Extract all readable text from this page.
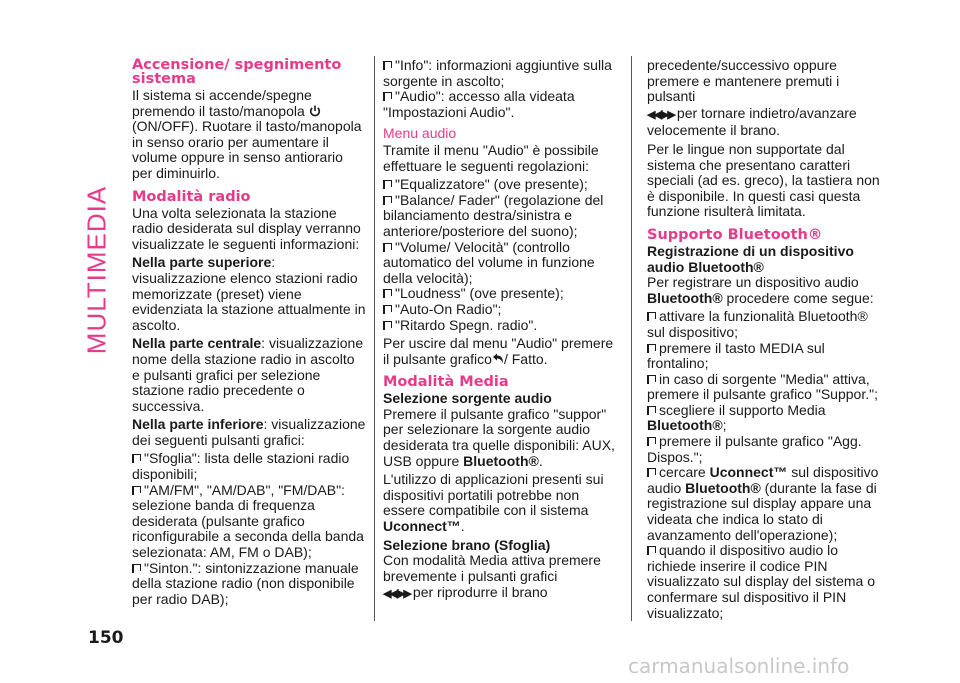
MULTIMEDIA
Accensione/ spegnimento sistema

Il sistema si accende/spegne premendo il tasto/manopola  (ON/OFF). Ruotare il tasto/manopola in senso orario per aumentare il volume oppure in senso antiorario per diminuirlo.

Modalità radio

Una volta selezionata la stazione radio desiderata sul display verranno visualizzate le seguenti informazioni:

Nella parte superiore: visualizzazione elenco stazioni radio memorizzate (preset) viene evidenziata la stazione attualmente in ascolto.

Nella parte centrale: visualizzazione nome della stazione radio in ascolto e pulsanti grafici per selezione stazione radio precedente o successiva.

Nella parte inferiore: visualizzazione dei seguenti pulsanti grafici:

"Sfoglia": lista delle stazioni radio disponibili;
"AM/FM", "AM/DAB", "FM/DAB": selezione banda di frequenza desiderata (pulsante grafico riconfigurabile a seconda della banda selezionata: AM, FM o DAB);
"Sinton.": sintonizzazione manuale della stazione radio (non disponibile per radio DAB);
"Info": informazioni aggiuntive sulla sorgente in ascolto;
"Audio": accesso alla videata "Impostazioni Audio".
Menu audio

Tramite il menu "Audio" è possibile effettuare le seguenti regolazioni:

"Equalizzatore" (ove presente);
"Balance/ Fader" (regolazione del bilanciamento destra/sinistra e anteriore/posteriore del suono);
"Volume/ Velocità" (controllo automatico del volume in funzione della velocità);
"Loudness" (ove presente);
"Auto-On Radio";
"Ritardo Spegn. radio".

Per uscire dal menu "Audio" premere il pulsante grafico / Fatto.

Modalità Media
Selezione sorgente audio

Premere il pulsante grafico "suppor" per selezionare la sorgente audio desiderata tra quelle disponibili: AUX, USB oppure Bluetooth®.

L'utilizzo di applicazioni presenti sui dispositivi portatili potrebbe non essere compatibile con il sistema Uconnect™.

Selezione brano (Sfoglia)

Con modalità Media attiva premere brevemente i pulsanti grafici

◀◀/▶▶ per riprodurre il brano

precedente/successivo oppure premere e mantenere premuti i pulsanti

◀◀/▶▶ per tornare indietro/avanzare velocemente il brano.

Per le lingue non supportate dal sistema che presentano caratteri speciali (ad es. greco), la tastiera non è disponibile. In questi casi questa funzione risulterà limitata.

Supporto Bluetooth®
Registrazione di un dispositivo audio Bluetooth®

Per registrare un dispositivo audio Bluetooth® procedere come segue:

attivare la funzionalità Bluetooth® sul dispositivo;
premere il tasto MEDIA sul frontalino;
in caso di sorgente "Media" attiva, premere il pulsante grafico "Suppor.";
scegliere il supporto Media Bluetooth®;
premere il pulsante grafico "Agg. Dispos.";
cercare Uconnect™ sul dispositivo audio Bluetooth® (durante la fase di registrazione sul display appare una videata che indica lo stato di avanzamento dell'operazione);
quando il dispositivo audio lo richiede inserire il codice PIN visualizzato sul display del sistema o confermare sul dispositivo il PIN visualizzato;
150
carmanualsonline.info
